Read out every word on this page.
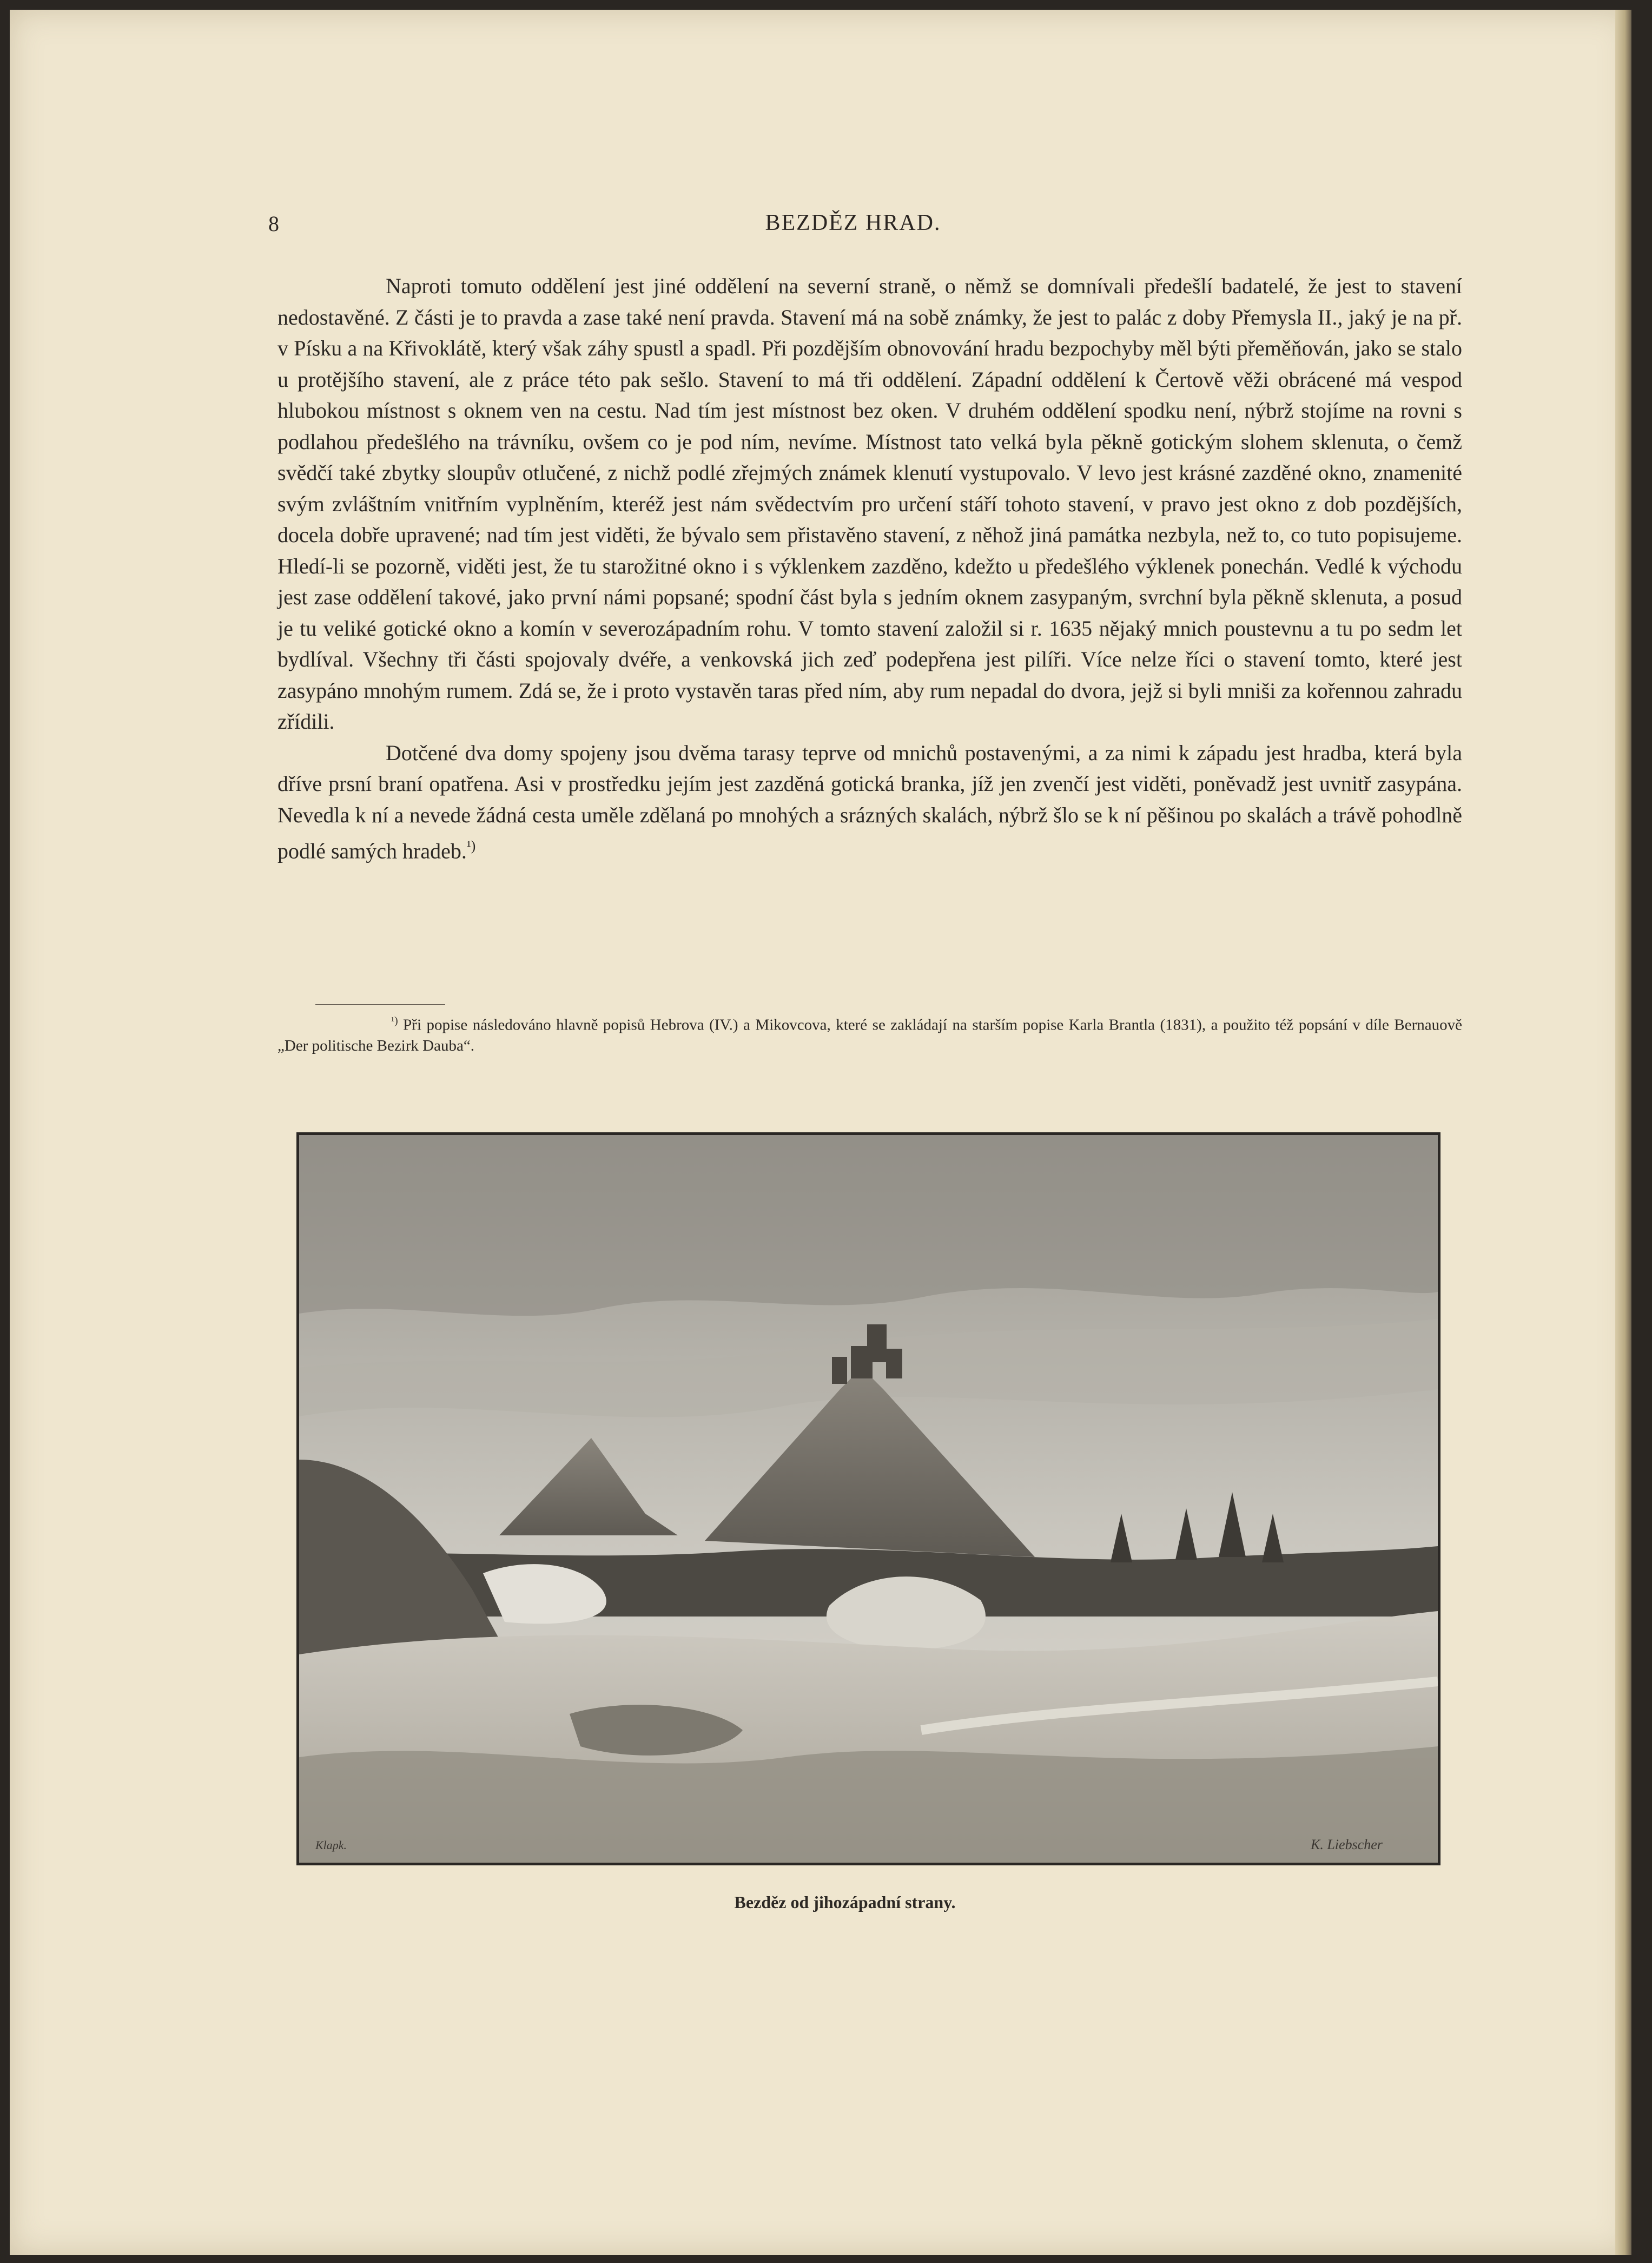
8	BEZDĚZ HRAD.

Naproti tomuto oddělení jest jiné oddělení na severní straně, o němž se domnívali předešlí badatelé, že jest to stavení nedostavěné. Z části je to pravda a zase také není pravda. Stavení má na sobě známky, že jest to palác z doby Přemysla II., jaký je na př. v Písku a na Křivoklátě, který však záhy spustl a spadl. Při pozdějším obnovování hradu bezpochyby měl býti přeměňován, jako se stalo u protějšího stavení, ale z práce této pak sešlo. Stavení to má tři oddělení. Západní oddělení k Čertově věži obrácené má vespod hlubokou místnost s oknem ven na cestu. Nad tím jest místnost bez oken. V druhém oddělení spodku není, nýbrž stojíme na rovni s podlahou předešlého na trávníku, ovšem co je pod ním, nevíme. Místnost tato velká byla pěkně gotickým slohem sklenuta, o čemž svědčí také zbytky sloupův otlučené, z nichž podlé zřejmých známek klenutí vystupovalo. V levo jest krásné zazděné okno, znamenité svým zvláštním vnitřním vyplněním, kteréž jest nám svědectvím pro určení stáří tohoto stavení, v pravo jest okno z dob pozdějších, docela dobře upravené; nad tím jest viděti, že bývalo sem přistavěno stavení, z něhož jiná památka nezbyla, než to, co tuto popisujeme. Hledí-li se pozorně, viděti jest, že tu starožitné okno i s výklenkem zazděno, kdežto u předešlého výklenek ponechán. Vedlé k východu jest zase oddělení takové, jako první námi popsané; spodní část byla s jedním oknem zasypaným, svrchní byla pěkně sklenuta, a posud je tu veliké gotické okno a komín v severozápadním rohu. V tomto stavení založil si r. 1635 nějaký mnich poustevnu a tu po sedm let bydlíval. Všechny tři části spojovaly dvéře, a venkovská jich zeď podepřena jest pilíři. Více nelze říci o stavení tomto, které jest zasypáno mnohým rumem. Zdá se, že i proto vystavěn taras před ním, aby rum nepadal do dvora, jejž si byli mniši za kořennou zahradu zřídili.

Dotčené dva domy spojeny jsou dvěma tarasy teprve od mnichů postavenými, a za nimi k západu jest hradba, která byla dříve prsní braní opatřena. Asi v prostředku jejím jest zazděná gotická branka, jíž jen zvenčí jest viděti, poněvadž jest uvnitř zasypána. Nevedla k ní a nevede žádná cesta uměle zdělaná po mnohých a srázných skalách, nýbrž šlo se k ní pěšinou po skalách a trávě pohodlně podlé samých hradeb.$^{^1)}$

$^{^1)}$ Při popise následováno hlavně popisů Hebrova (IV.) a Mikovcova, které se zakládají na starším popise Karla Brantla (1831), a použito též popsání v díle Bernauově „Der politische Bezirk Dauba“.
Klapk.	K. Liebscher
Bezděz od jihozápadní strany.
